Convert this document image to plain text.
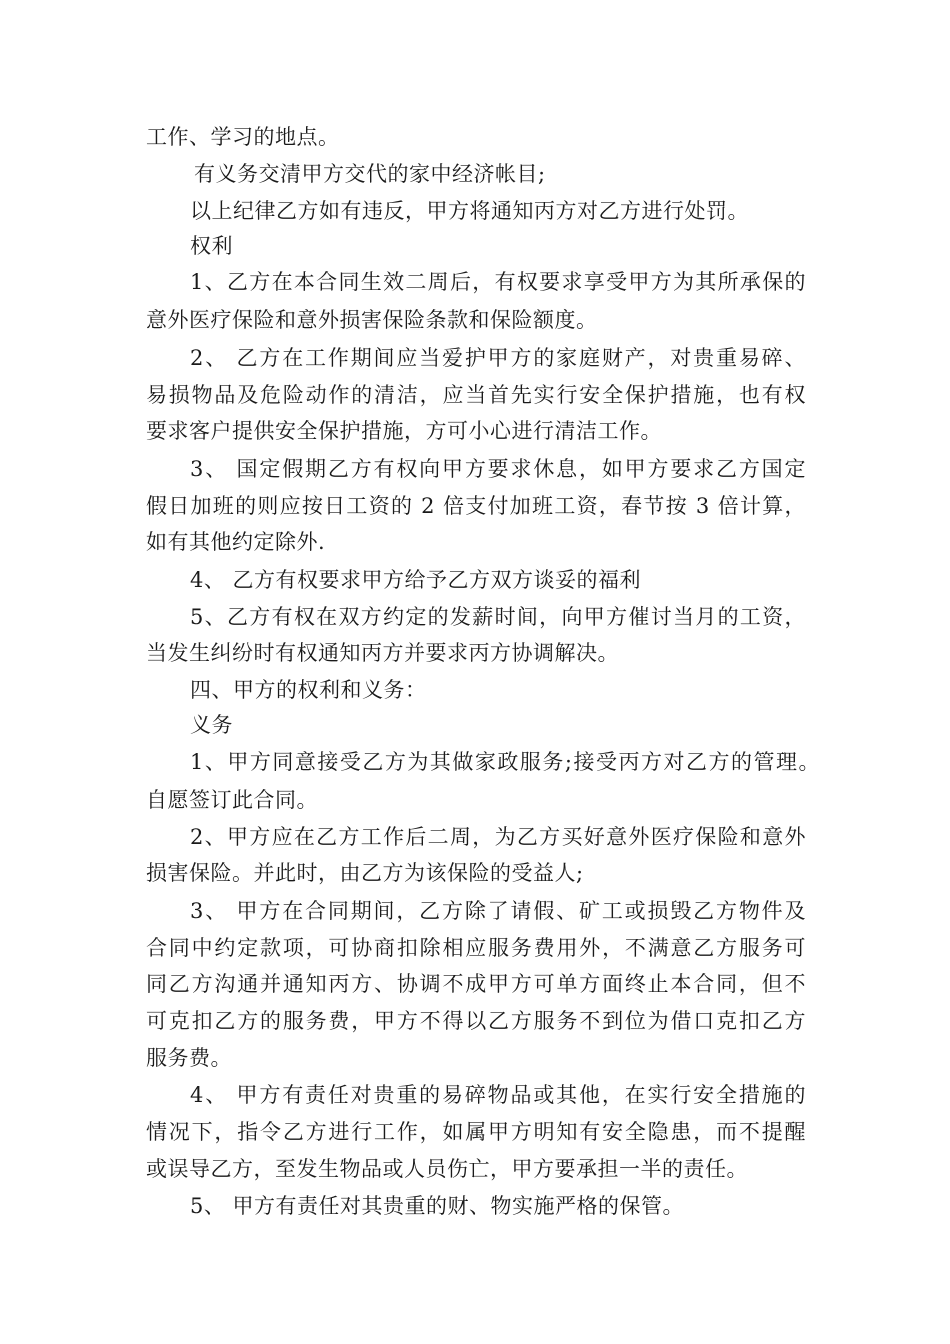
工作、学习的地点。
有义务交清甲方交代的家中经济帐目;
以上纪律乙方如有违反，甲方将通知丙方对乙方进行处罚。
权利
1、乙方在本合同生效二周后，有权要求享受甲方为其所承保的
意外医疗保险和意外损害保险条款和保险额度。
2、 乙方在工作期间应当爱护甲方的家庭财产，对贵重易碎、
易损物品及危险动作的清洁，应当首先实行安全保护措施，也有权
要求客户提供安全保护措施，方可小心进行清洁工作。
3、 国定假期乙方有权向甲方要求休息，如甲方要求乙方国定
假日加班的则应按日工资的 2 倍支付加班工资，春节按 3 倍计算，
如有其他约定除外.
4、 乙方有权要求甲方给予乙方双方谈妥的福利
5、乙方有权在双方约定的发薪时间，向甲方催讨当月的工资，
当发生纠纷时有权通知丙方并要求丙方协调解决。
四、甲方的权利和义务：
义务
1、甲方同意接受乙方为其做家政服务;接受丙方对乙方的管理。
自愿签订此合同。
2、甲方应在乙方工作后二周，为乙方买好意外医疗保险和意外
损害保险。并此时，由乙方为该保险的受益人;
3、 甲方在合同期间，乙方除了请假、矿工或损毁乙方物件及
合同中约定款项，可协商扣除相应服务费用外，不满意乙方服务可
同乙方沟通并通知丙方、协调不成甲方可单方面终止本合同，但不
可克扣乙方的服务费，甲方不得以乙方服务不到位为借口克扣乙方
服务费。
4、 甲方有责任对贵重的易碎物品或其他，在实行安全措施的
情况下，指令乙方进行工作，如属甲方明知有安全隐患，而不提醒
或误导乙方，至发生物品或人员伤亡，甲方要承担一半的责任。
5、 甲方有责任对其贵重的财、物实施严格的保管。
